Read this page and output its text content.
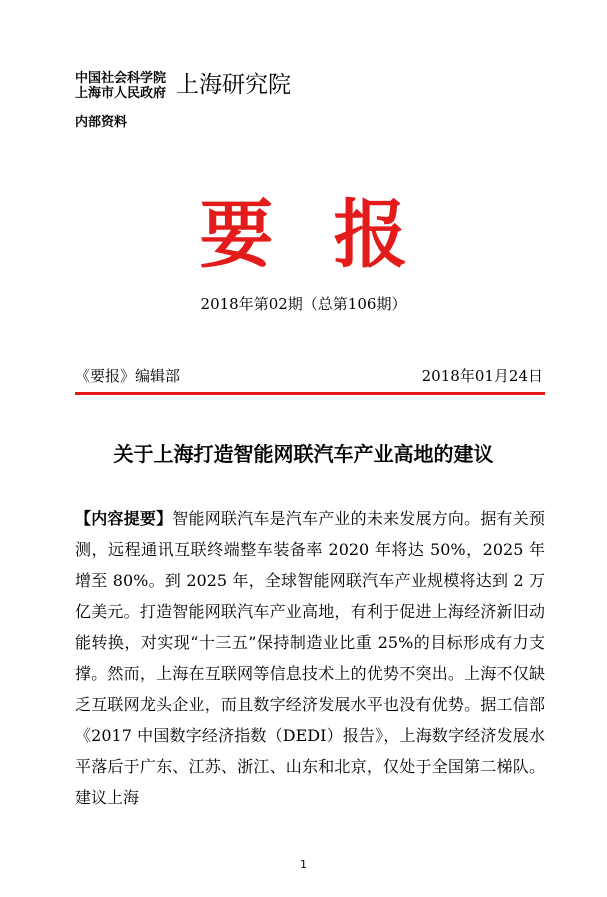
中国社会科学院
上海市人民政府 上海研究院
内部资料
要报
2018年第02期（总第106期）
《要报》编辑部	2018年01月24日
关于上海打造智能网联汽车产业高地的建议
【内容提要】智能网联汽车是汽车产业的未来发展方向。据有关预测，远程通讯互联终端整车装备率 2020 年将达 50%，2025 年增至 80%。到 2025 年，全球智能网联汽车产业规模将达到 2 万亿美元。打造智能网联汽车产业高地，有利于促进上海经济新旧动能转换，对实现“十三五”保持制造业比重 25%的目标形成有力支撑。然而，上海在互联网等信息技术上的优势不突出。上海不仅缺乏互联网龙头企业，而且数字经济发展水平也没有优势。据工信部《2017 中国数字经济指数（DEDI）报告》，上海数字经济发展水平落后于广东、江苏、浙江、山东和北京，仅处于全国第二梯队。建议上海
1
